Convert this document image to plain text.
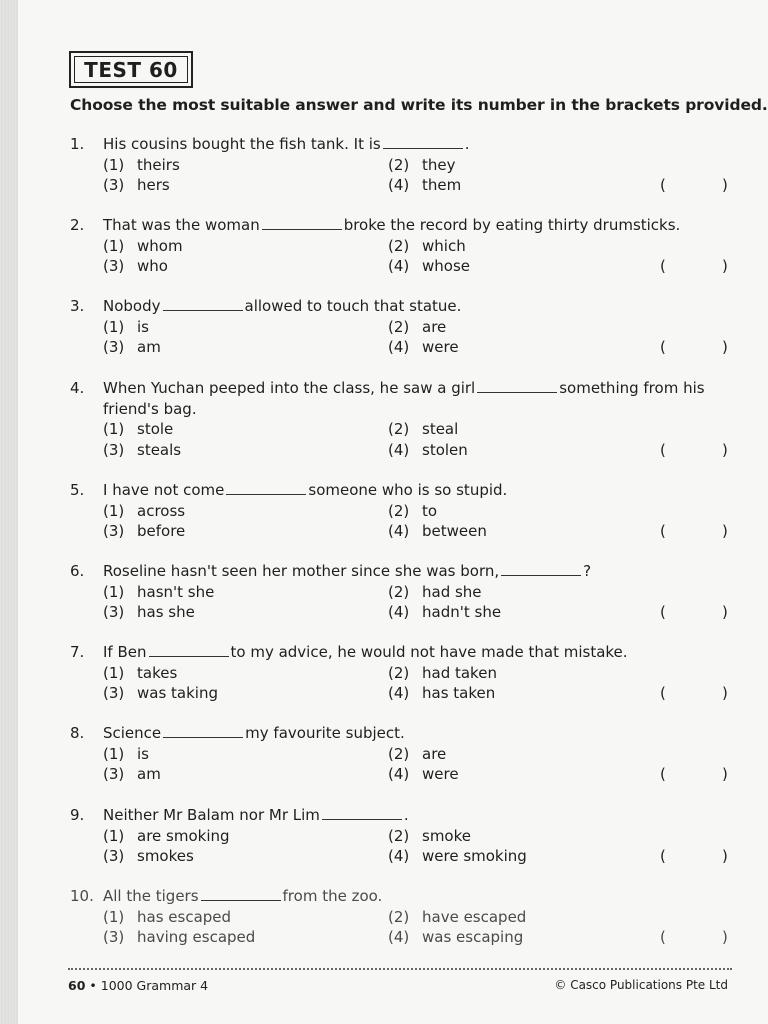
TEST 60
Choose the most suitable answer and write its number in the brackets provided.
1.	His cousins bought the fish tank. It is	.
(1) theirs	(2) they
(3) hers	(4) them	(	)
2.	That was the woman	broke the record by eating thirty drumsticks.
(1) whom	(2) which
(3) who	(4) whose	(	)
3.	Nobody	allowed to touch that statue.
(1) is	(2) are
(3) am	(4) were	(	)
4.	When Yuchan peeped into the class, he saw a girl	something from his
friend's bag.
(1) stole	(2) steal
(3) steals	(4) stolen	(	)
5.	I have not come	someone who is so stupid.
(1) across	(2) to
(3) before	(4) between	(	)
6.	Roseline hasn't seen her mother since she was born,	?
(1) hasn't she	(2) had she
(3) has she	(4) hadn't she	(	)
7.	If Ben	to my advice, he would not have made that mistake.
(1) takes	(2) had taken
(3) was taking	(4) has taken	(	)
8.	Science	my favourite subject.
(1) is	(2) are
(3) am	(4) were	(	)
9.	Neither Mr Balam nor Mr Lim	.
(1) are smoking	(2) smoke
(3) smokes	(4) were smoking	(	)
10. All the tigers	from the zoo.
(1) has escaped	(2) have escaped
(3) having escaped	(4) was escaping	(	)
60 • 1000 Grammar 4	© Casco Publications Pte Ltd
